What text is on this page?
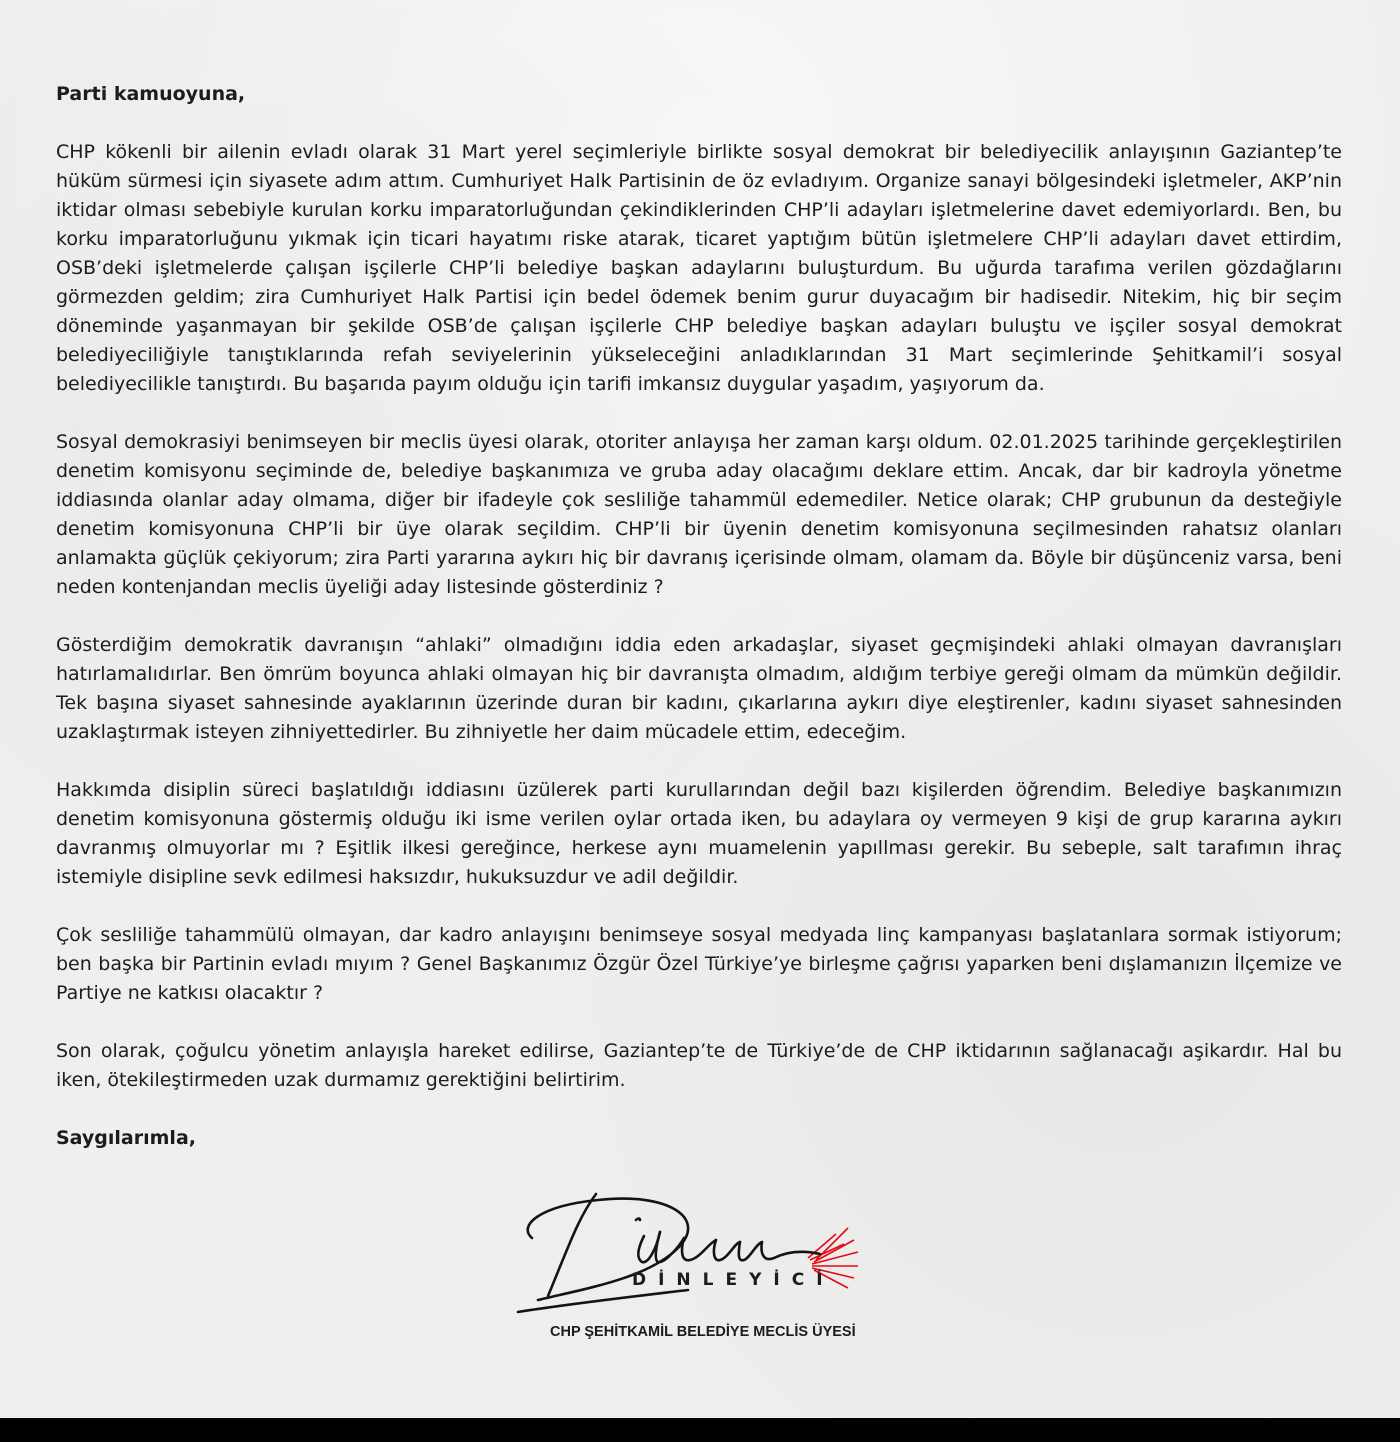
Parti kamuoyuna,

CHP kökenli bir ailenin evladı olarak 31 Mart yerel seçimleriyle birlikte sosyal demokrat bir belediyecilik anlayışının Gaziantep’te hüküm sürmesi için siyasete adım attım. Cumhuriyet Halk Partisinin de öz evladıyım. Organize sanayi bölgesindeki işletmeler, AKP’nin iktidar olması sebebiyle kurulan korku imparatorluğundan çekindiklerinden CHP’li adayları işletmelerine davet edemiyorlardı. Ben, bu korku imparatorluğunu yıkmak için ticari hayatımı riske atarak, ticaret yaptığım bütün işletmelere CHP’li adayları davet ettirdim, OSB’deki işletmelerde çalışan işçilerle CHP’li belediye başkan adaylarını buluşturdum. Bu uğurda tarafıma verilen gözdağlarını görmezden geldim; zira Cumhuriyet Halk Partisi için bedel ödemek benim gurur duyacağım bir hadisedir. Nitekim, hiç bir seçim döneminde yaşanmayan bir şekilde OSB’de çalışan işçilerle CHP belediye başkan adayları buluştu ve işçiler sosyal demokrat belediyeciliğiyle tanıştıklarında refah seviyelerinin yükseleceğini anladıklarından 31 Mart seçimlerinde Şehitkamil’i sosyal belediyecilikle tanıştırdı. Bu başarıda payım olduğu için tarifi imkansız duygular yaşadım, yaşıyorum da.

Sosyal demokrasiyi benimseyen bir meclis üyesi olarak, otoriter anlayışa her zaman karşı oldum. 02.01.2025 tarihinde gerçekleştirilen denetim komisyonu seçiminde de, belediye başkanımıza ve gruba aday olacağımı deklare ettim. Ancak, dar bir kadroyla yönetme iddiasında olanlar aday olmama, diğer bir ifadeyle çok sesliliğe tahammül edemediler. Netice olarak; CHP grubunun da desteğiyle denetim komisyonuna CHP’li bir üye olarak seçildim. CHP’li bir üyenin denetim komisyonuna seçilmesinden rahatsız olanları anlamakta güçlük çekiyorum; zira Parti yararına aykırı hiç bir davranış içerisinde olmam, olamam da. Böyle bir düşünceniz varsa, beni neden kontenjandan meclis üyeliği aday listesinde gösterdiniz ?

Gösterdiğim demokratik davranışın “ahlaki” olmadığını iddia eden arkadaşlar, siyaset geçmişindeki ahlaki olmayan davranışları hatırlamalıdırlar. Ben ömrüm boyunca ahlaki olmayan hiç bir davranışta olmadım, aldığım terbiye gereği olmam da mümkün değildir. Tek başına siyaset sahnesinde ayaklarının üzerinde duran bir kadını, çıkarlarına aykırı diye eleştirenler, kadını siyaset sahnesinden uzaklaştırmak isteyen zihniyettedirler. Bu zihniyetle her daim mücadele ettim, edeceğim.

Hakkımda disiplin süreci başlatıldığı iddiasını üzülerek parti kurullarından değil bazı kişilerden öğrendim. Belediye başkanımızın denetim komisyonuna göstermiş olduğu iki isme verilen oylar ortada iken, bu adaylara oy vermeyen 9 kişi de grup kararına aykırı davranmış olmuyorlar mı ? Eşitlik ilkesi gereğince, herkese aynı muamelenin yapıllması gerekir. Bu sebeple, salt tarafımın ihraç istemiyle disipline sevk edilmesi haksızdır, hukuksuzdur ve adil değildir.

Çok sesliliğe tahammülü olmayan, dar kadro anlayışını benimseye sosyal medyada linç kampanyası başlatanlara sormak istiyorum; ben başka bir Partinin evladı mıyım ? Genel Başkanımız Özgür Özel Türkiye’ye birleşme çağrısı yaparken beni dışlamanızın İlçemize ve Partiye ne katkısı olacaktır ?

Son olarak, çoğulcu yönetim anlayışla hareket edilirse, Gaziantep’te de Türkiye’de de CHP iktidarının sağlanacağı aşikardır. Hal bu iken, ötekileştirmeden uzak durmamız gerektiğini belirtirim.

Saygılarımla,

DİNLEYİCİ
CHP ŞEHİTKAMİL BELEDİYE MECLİS ÜYESİ
